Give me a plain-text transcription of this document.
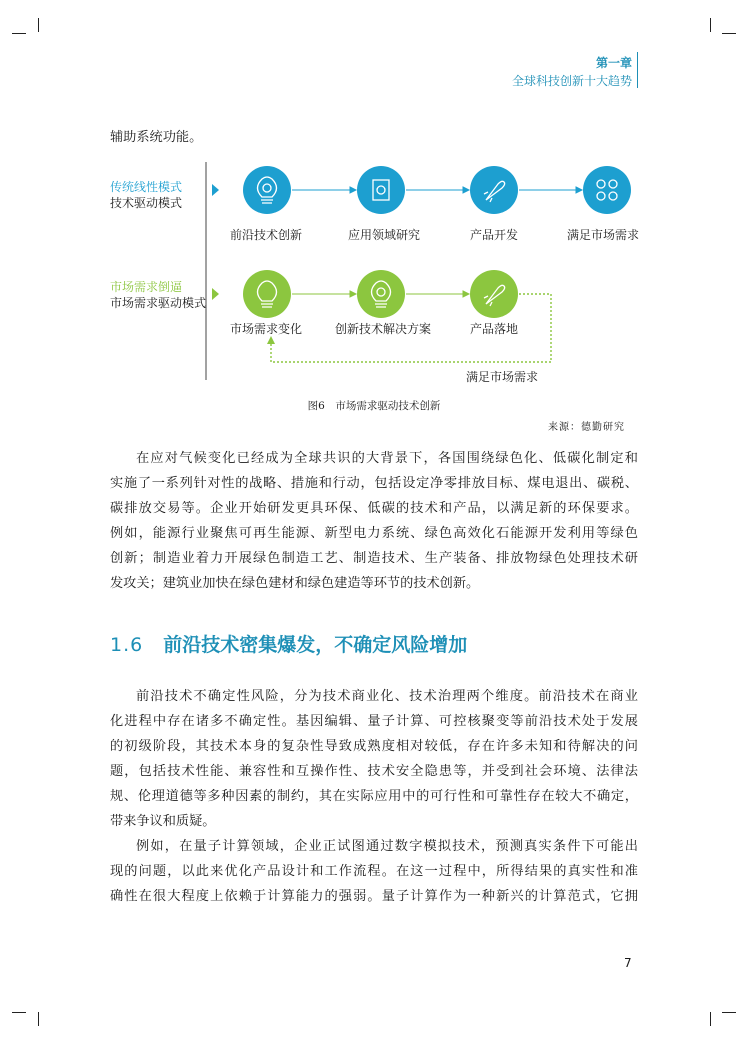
第一章
全球科技创新十大趋势

辅助系统功能。

传统线性模式
技术驱动模式
市场需求倒逼
市场需求驱动模式
前沿技术创新	应用领域研究	产品开发	满足市场需求
市场需求变化	创新技术解决方案	产品落地
满足市场需求
图6　市场需求驱动技术创新
来源：德勤研究

在应对气候变化已经成为全球共识的大背景下，各国围绕绿色化、低碳化制定和
实施了一系列针对性的战略、措施和行动，包括设定净零排放目标、煤电退出、碳税、
碳排放交易等。企业开始研发更具环保、低碳的技术和产品，以满足新的环保要求。
例如，能源行业聚焦可再生能源、新型电力系统、绿色高效化石能源开发利用等绿色
创新；制造业着力开展绿色制造工艺、制造技术、生产装备、排放物绿色处理技术研
发攻关；建筑业加快在绿色建材和绿色建造等环节的技术创新。

1.6 前沿技术密集爆发，不确定风险增加

前沿技术不确定性风险，分为技术商业化、技术治理两个维度。前沿技术在商业
化进程中存在诸多不确定性。基因编辑、量子计算、可控核聚变等前沿技术处于发展
的初级阶段，其技术本身的复杂性导致成熟度相对较低，存在许多未知和待解决的问
题，包括技术性能、兼容性和互操作性、技术安全隐患等，并受到社会环境、法律法
规、伦理道德等多种因素的制约，其在实际应用中的可行性和可靠性存在较大不确定，
带来争议和质疑。

例如，在量子计算领域，企业正试图通过数字模拟技术，预测真实条件下可能出
现的问题，以此来优化产品设计和工作流程。在这一过程中，所得结果的真实性和准
确性在很大程度上依赖于计算能力的强弱。量子计算作为一种新兴的计算范式，它拥

7
